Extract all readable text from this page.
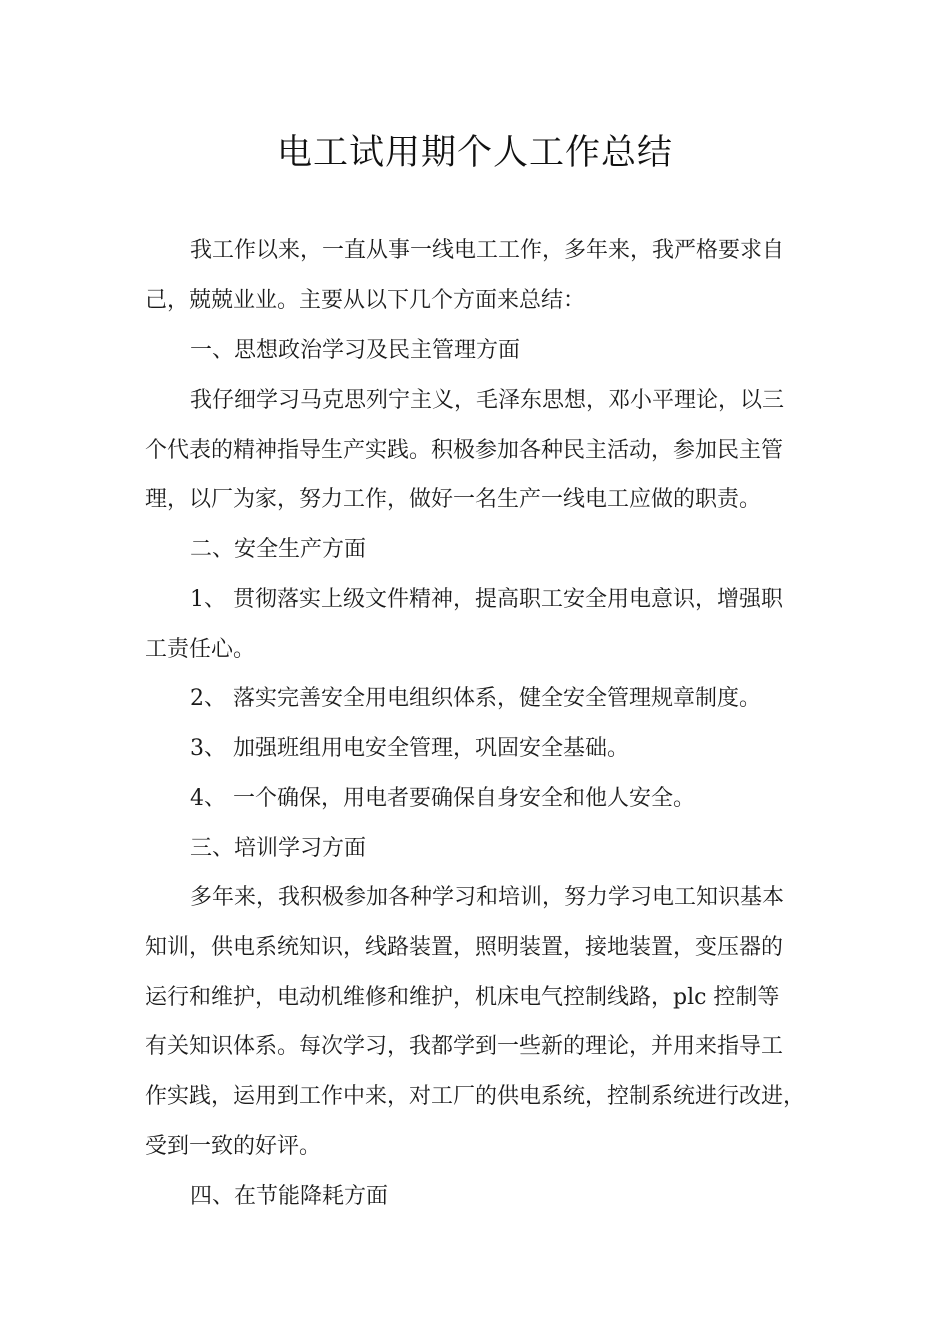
电工试用期个人工作总结

我工作以来，一直从事一线电工工作，多年来，我严格要求自

己，兢兢业业。主要从以下几个方面来总结：

一、思想政治学习及民主管理方面

我仔细学习马克思列宁主义，毛泽东思想，邓小平理论，以三

个代表的精神指导生产实践。积极参加各种民主活动，参加民主管

理，以厂为家，努力工作，做好一名生产一线电工应做的职责。

二、安全生产方面

1、 贯彻落实上级文件精神，提高职工安全用电意识，增强职

工责任心。

2、 落实完善安全用电组织体系，健全安全管理规章制度。

3、 加强班组用电安全管理，巩固安全基础。

4、 一个确保，用电者要确保自身安全和他人安全。

三、培训学习方面

多年来，我积极参加各种学习和培训，努力学习电工知识基本

知训，供电系统知识，线路装置，照明装置，接地装置，变压器的

运行和维护，电动机维修和维护，机床电气控制线路，plc 控制等

有关知识体系。每次学习，我都学到一些新的理论，并用来指导工

作实践，运用到工作中来，对工厂的供电系统，控制系统进行改进，

受到一致的好评。

四、在节能降耗方面
